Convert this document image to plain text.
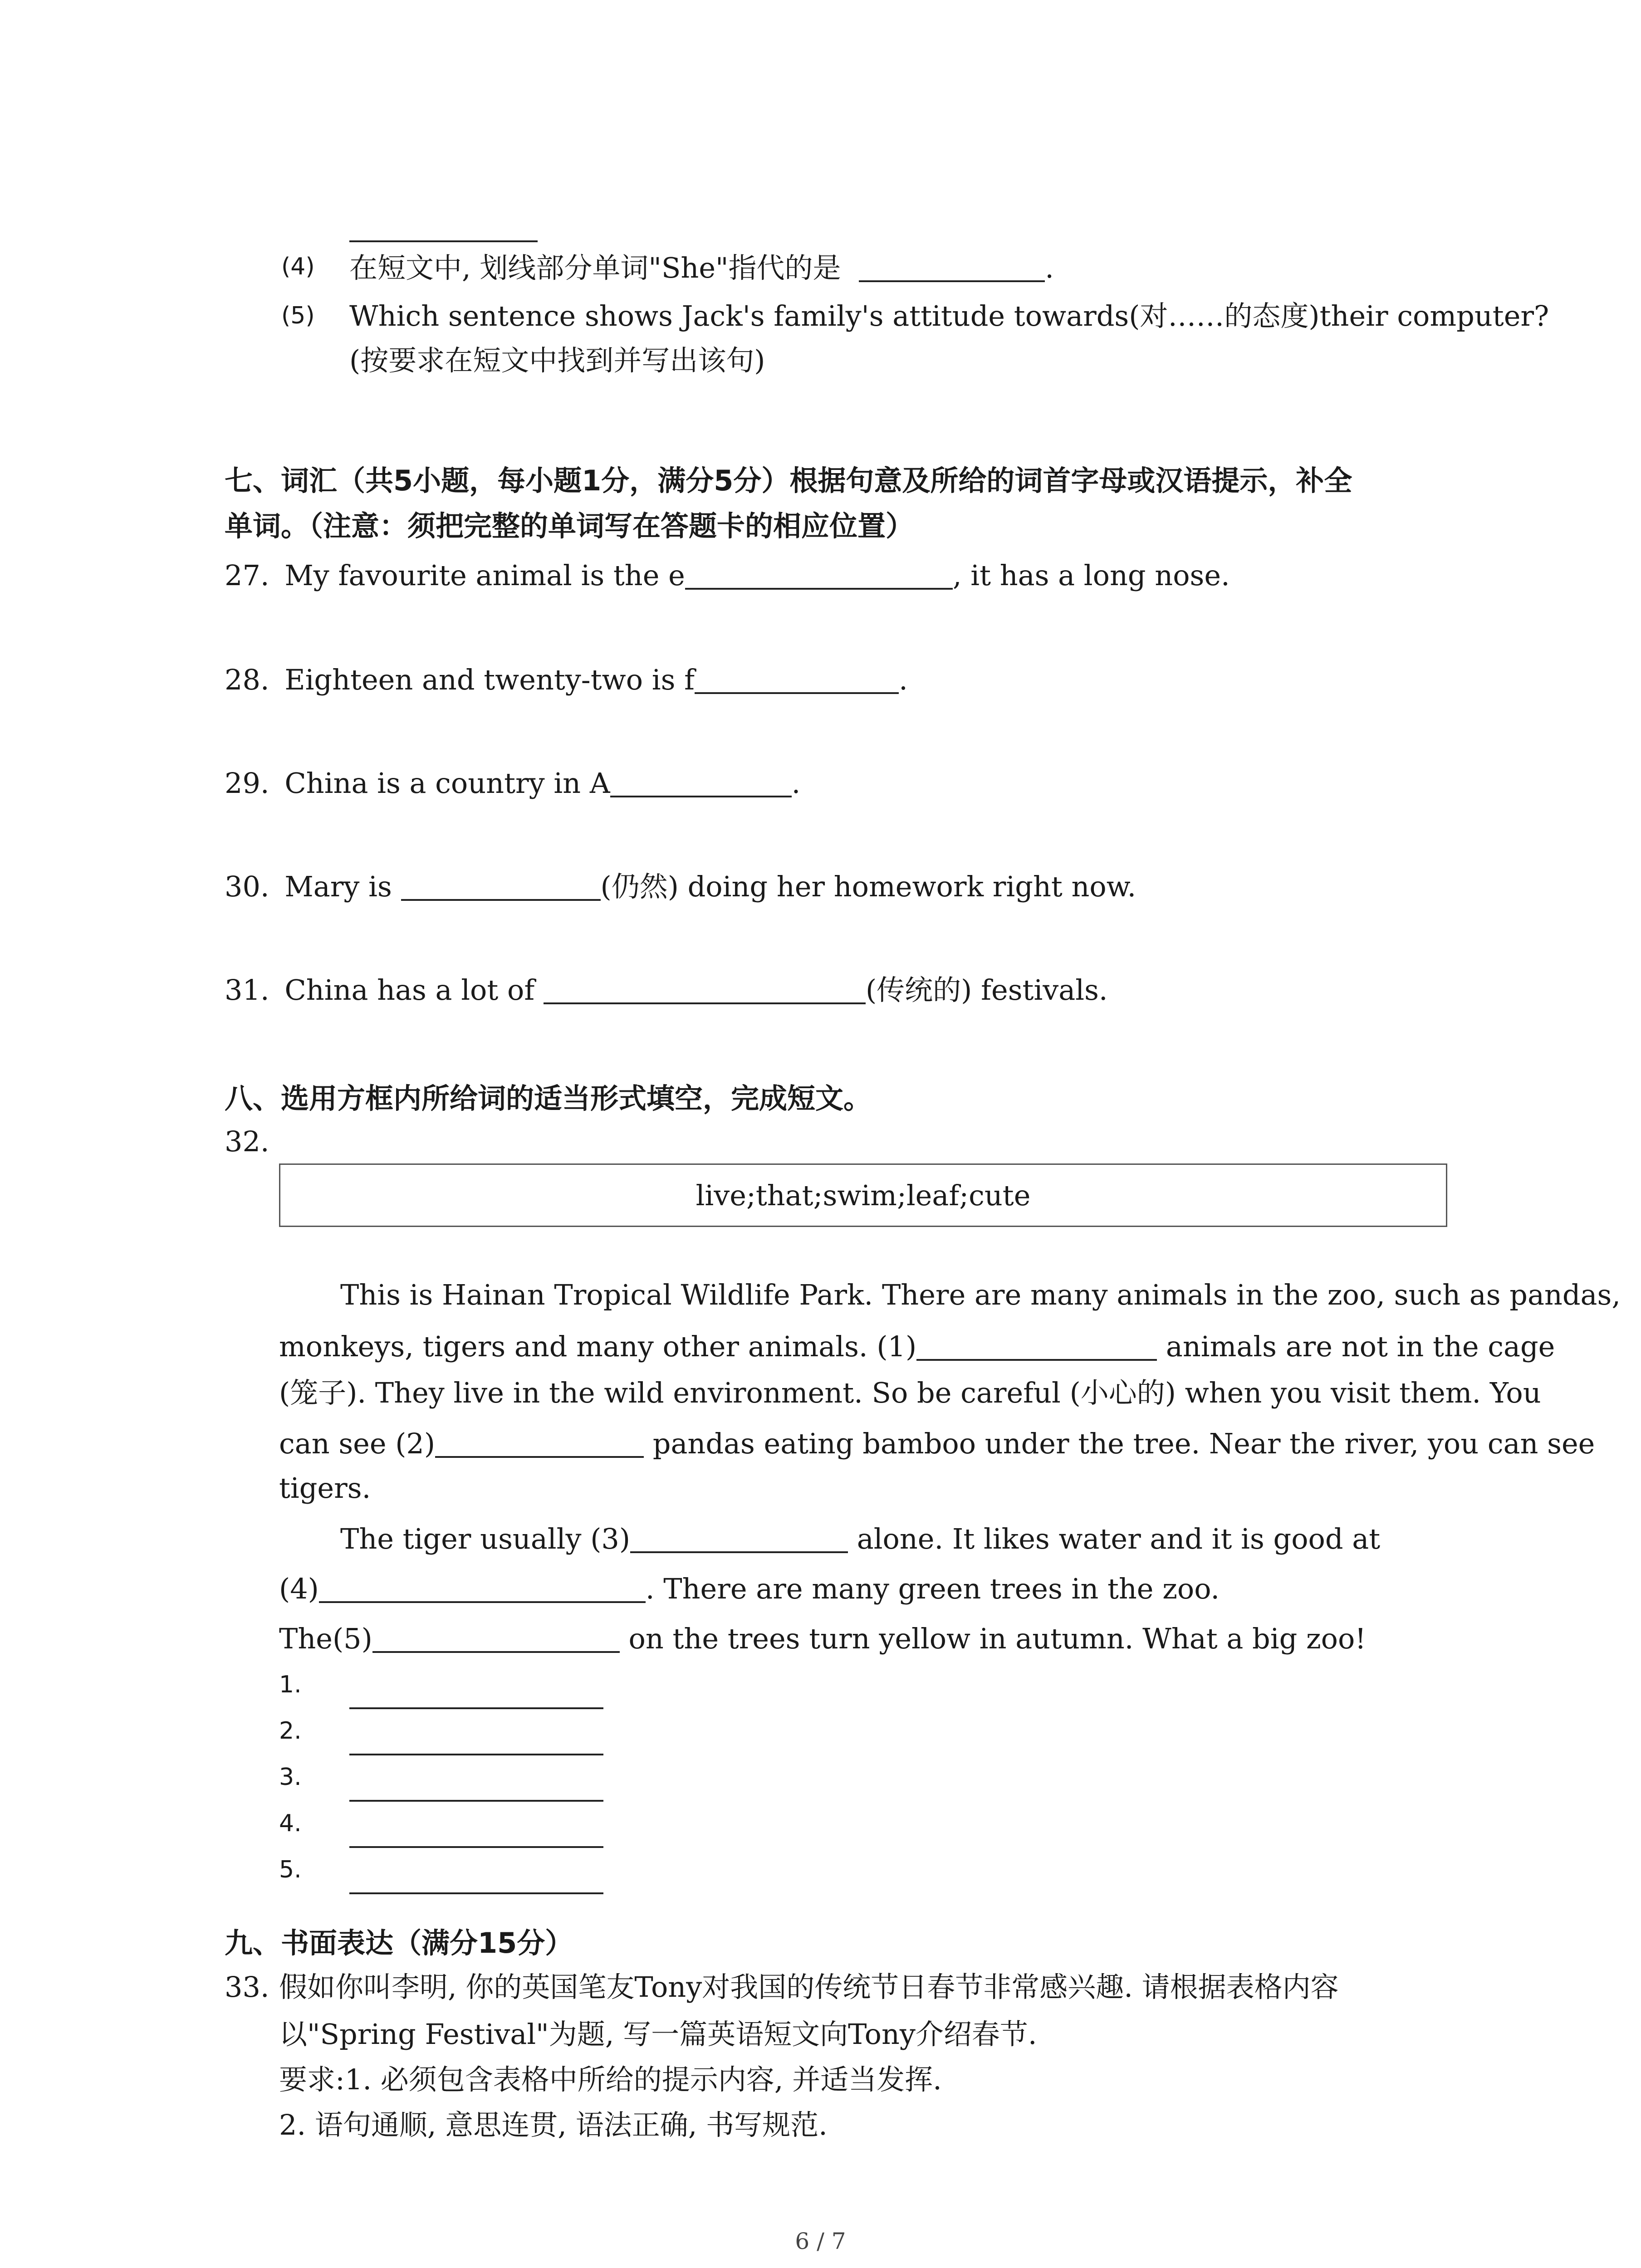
(4) 在短文中, 划线部分单词"She"指代的是	.
(5) Which sentence shows Jack's family's attitude towards(对……的态度)their computer?
(按要求在短文中找到并写出该句)
七、词汇（共5小题，每小题1分，满分5分）根据句意及所给的词首字母或汉语提示，补全
单词。（注意：须把完整的单词写在答题卡的相应位置）
27. My favourite animal is the e	, it has a long nose.
28. Eighteen and twenty-two is f	.
29. China is a country in A	.
30. Mary is	(仍然) doing her homework right now.
31. China has a lot of	(传统的) festivals.
八、选用方框内所给词的适当形式填空，完成短文。
32.
live;that;swim;leaf;cute
This is Hainan Tropical Wildlife Park. There are many animals in the zoo, such as pandas,
monkeys, tigers and many other animals. (1)	animals are not in the cage
(笼子). They live in the wild environment. So be careful (小心的) when you visit them. You
can see (2)	pandas eating bamboo under the tree. Near the river, you can see
tigers.
The tiger usually (3)	alone. It likes water and it is good at
(4)	. There are many green trees in the zoo.
The(5)	on the trees turn yellow in autumn. What a big zoo!
1.
2.
3.
4.
5.
九、书面表达（满分15分）
33. 假如你叫李明, 你的英国笔友Tony对我国的传统节日春节非常感兴趣. 请根据表格内容
以"Spring Festival"为题, 写一篇英语短文向Tony介绍春节.
要求:1. 必须包含表格中所给的提示内容, 并适当发挥.
2. 语句通顺, 意思连贯, 语法正确, 书写规范.
6 / 7
